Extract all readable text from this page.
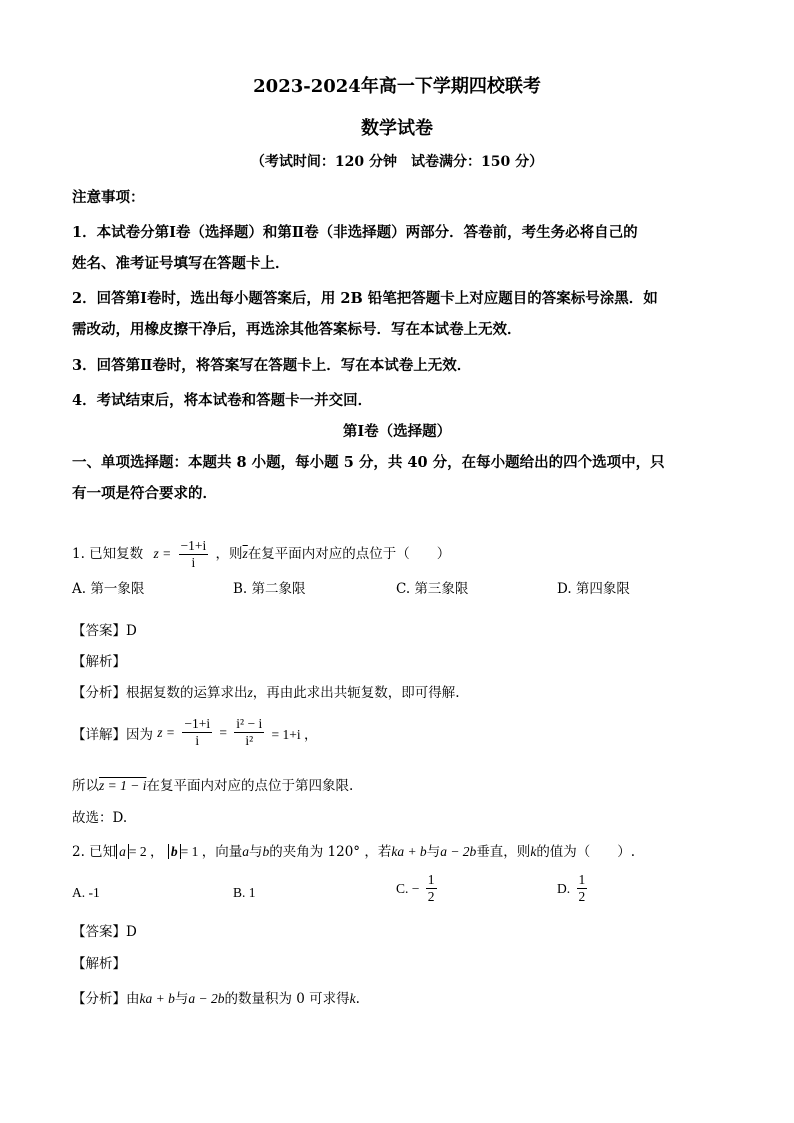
2023-2024年高一下学期四校联考
数学试卷
（考试时间：120 分钟　试卷满分：150 分）
注意事项：
1．本试卷分第Ⅰ卷（选择题）和第Ⅱ卷（非选择题）两部分．答卷前，考生务必将自己的
姓名、准考证号填写在答题卡上．
2．回答第Ⅰ卷时，选出每小题答案后，用 2B 铅笔把答题卡上对应题目的答案标号涂黑．如
需改动，用橡皮擦干净后，再选涂其他答案标号．写在本试卷上无效．
3．回答第Ⅱ卷时，将答案写在答题卡上．写在本试卷上无效．
4．考试结束后，将本试卷和答题卡一并交回．
第Ⅰ卷（选择题）
一、单项选择题：本题共 8 小题，每小题 5 分，共 40 分，在每小题给出的四个选项中，只
有一项是符合要求的．
1. 已知复数 $z = \frac{-1+i}{i}$ ，则$\overline{z}$在复平面内对应的点位于（　　）
A. 第一象限	B. 第二象限	C. 第三象限	D. 第四象限
【答案】D
【解析】
【分析】根据复数的运算求出z，再由此求出共轭复数，即可得解.
【详解】因为 $z = \frac{-1+i}{i} = \frac{\text{i² − i}}{\text{i²}} = 1+i$ ，
所以z = 1 − i在复平面内对应的点位于第四象限.
故选：D.
2. 已知 a = 2 ， b = 1 ，向量a与b的夹角为 120° ，若ka + b与a − 2b垂直，则k的值为（　　）.
A. -1	B. 1	C. − $\frac{1}{2}$	D. $\frac{1}{2}$
【答案】D
【解析】
【分析】由ka + b与a − 2b的数量积为 0 可求得k.
